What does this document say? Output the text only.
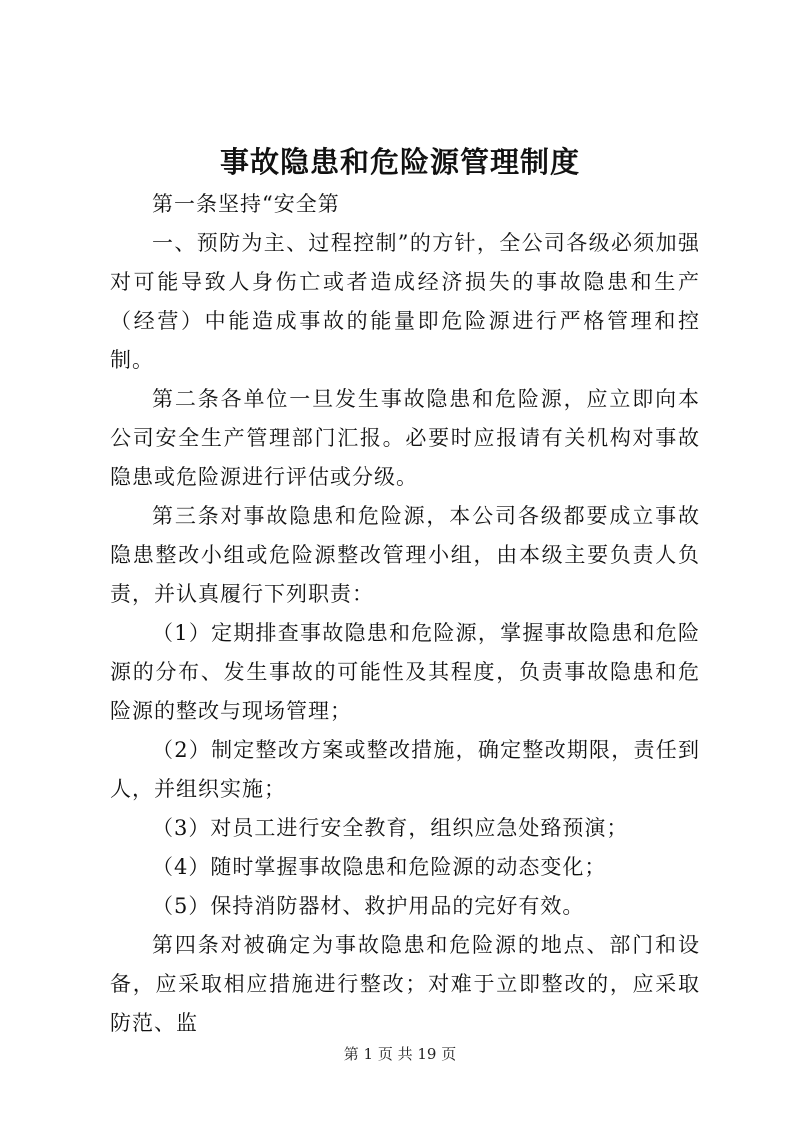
事故隐患和危险源管理制度

第一条坚持“安全第

一、预防为主、过程控制”的方针，全公司各级必须加强对可能导致人身伤亡或者造成经济损失的事故隐患和生产（经营）中能造成事故的能量即危险源进行严格管理和控制。

第二条各单位一旦发生事故隐患和危险源，应立即向本公司安全生产管理部门汇报。必要时应报请有关机构对事故隐患或危险源进行评估或分级。

第三条对事故隐患和危险源，本公司各级都要成立事故隐患整改小组或危险源整改管理小组，由本级主要负责人负责，并认真履行下列职责：

（1）定期排查事故隐患和危险源，掌握事故隐患和危险源的分布、发生事故的可能性及其程度，负责事故隐患和危险源的整改与现场管理；

（2）制定整改方案或整改措施，确定整改期限，责任到人，并组织实施；

（3）对员工进行安全教育，组织应急处臵预演；

（4）随时掌握事故隐患和危险源的动态变化；

（5）保持消防器材、救护用品的完好有效。

第四条对被确定为事故隐患和危险源的地点、部门和设备，应采取相应措施进行整改；对难于立即整改的，应采取防范、监

第 1 页 共 19 页
